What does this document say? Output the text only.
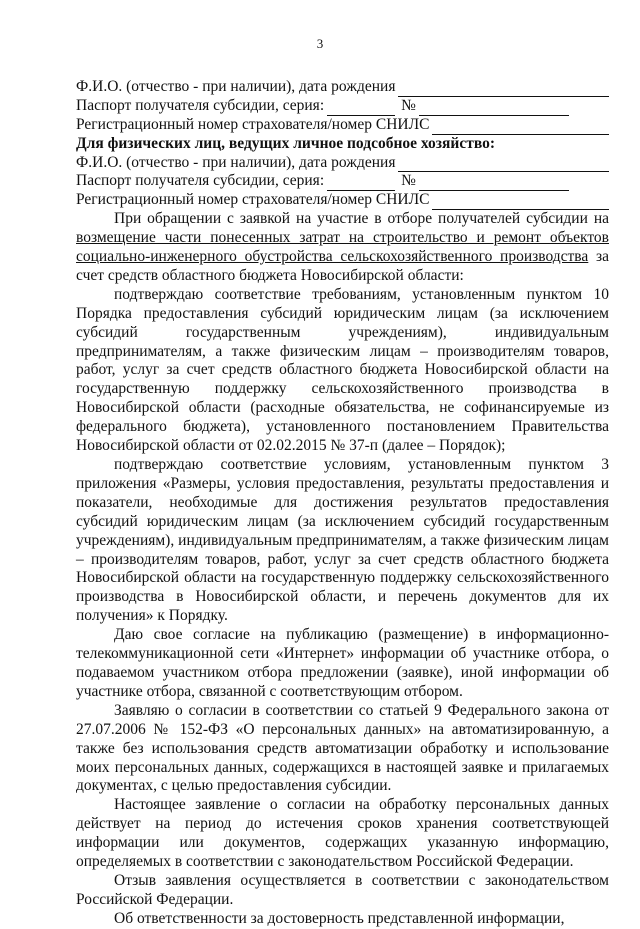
3
Ф.И.О. (отчество - при наличии), дата рождения
Паспорт получателя субсидии, серия:	№
Регистрационный номер страхователя/номер СНИЛС
Для физических лиц, ведущих личное подсобное хозяйство:
Ф.И.О. (отчество - при наличии), дата рождения
Паспорт получателя субсидии, серия:	№
Регистрационный номер страхователя/номер СНИЛС

При обращении с заявкой на участие в отборе получателей субсидии на возмещение части понесенных затрат на строительство и ремонт объектов социально-инженерного обустройства сельскохозяйственного производства за счет средств областного бюджета Новосибирской области:

подтверждаю соответствие требованиям, установленным пунктом 10 Порядка предоставления субсидий юридическим лицам (за исключением субсидий государственным учреждениям), индивидуальным предпринимателям, а также физическим лицам – производителям товаров, работ, услуг за счет средств областного бюджета Новосибирской области на государственную поддержку сельскохозяйственного производства в Новосибирской области (расходные обязательства, не софинансируемые из федерального бюджета), установленного постановлением Правительства Новосибирской области от 02.02.2015 № 37-п (далее – Порядок);

подтверждаю соответствие условиям, установленным пунктом 3 приложения «Размеры, условия предоставления, результаты предоставления и показатели, необходимые для достижения результатов предоставления субсидий юридическим лицам (за исключением субсидий государственным учреждениям), индивидуальным предпринимателям, а также физическим лицам – производителям товаров, работ, услуг за счет средств областного бюджета Новосибирской области на государственную поддержку сельскохозяйственного производства в Новосибирской области, и перечень документов для их получения» к Порядку.

Даю свое согласие на публикацию (размещение) в информационно-телекоммуникационной сети «Интернет» информации об участнике отбора, о подаваемом участником отбора предложении (заявке), иной информации об участнике отбора, связанной с соответствующим отбором.

Заявляю о согласии в соответствии со статьей 9 Федерального закона от 27.07.2006 № 152-ФЗ «О персональных данных» на автоматизированную, а также без использования средств автоматизации обработку и использование моих персональных данных, содержащихся в настоящей заявке и прилагаемых документах, с целью предоставления субсидии.

Настоящее заявление о согласии на обработку персональных данных действует на период до истечения сроков хранения соответствующей информации или документов, содержащих указанную информацию, определяемых в соответствии с законодательством Российской Федерации.

Отзыв заявления осуществляется в соответствии с законодательством Российской Федерации.

Об ответственности за достоверность представленной информации,
